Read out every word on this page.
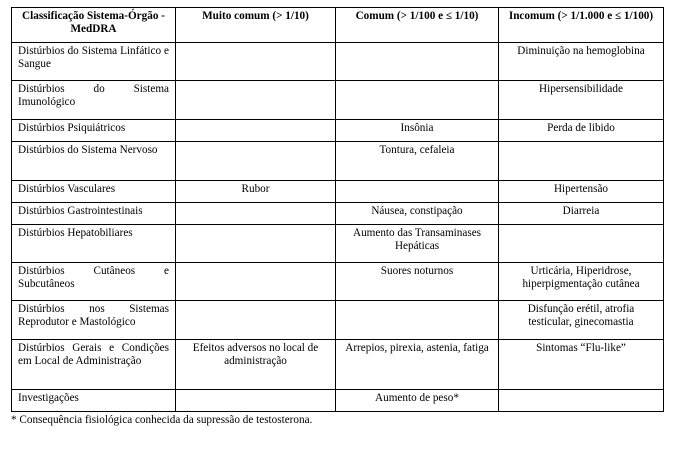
Classificação Sistema-Órgão - MedDRA	Muito comum (> 1/10)	Comum (> 1/100 e ≤ 1/10)	Incomum (> 1/1.000 e ≤ 1/100)
Distúrbios do Sistema Linfático e Sangue			Diminuição na hemoglobina
Distúrbios do Sistema Imunológico			Hipersensibilidade
Distúrbios Psiquiátricos		Insônia	Perda de libido
Distúrbios do Sistema Nervoso		Tontura, cefaleia	
Distúrbios Vasculares	Rubor		Hipertensão
Distúrbios Gastrointestinais		Náusea, constipação	Diarreia
Distúrbios Hepatobiliares		Aumento das Transaminases Hepáticas	
Distúrbios Cutâneos e Subcutâneos		Suores noturnos	Urticária, Hiperidrose, hiperpigmentação cutânea
Distúrbios nos Sistemas Reprodutor e Mastológico			Disfunção erétil, atrofia testicular, ginecomastia
Distúrbios Gerais e Condições em Local de Administração	Efeitos adversos no local de administração	Arrepios, pirexia, astenia, fatiga	Sintomas “Flu-like”
Investigações		Aumento de peso*	
* Consequência fisiológica conhecida da supressão de testosterona.
